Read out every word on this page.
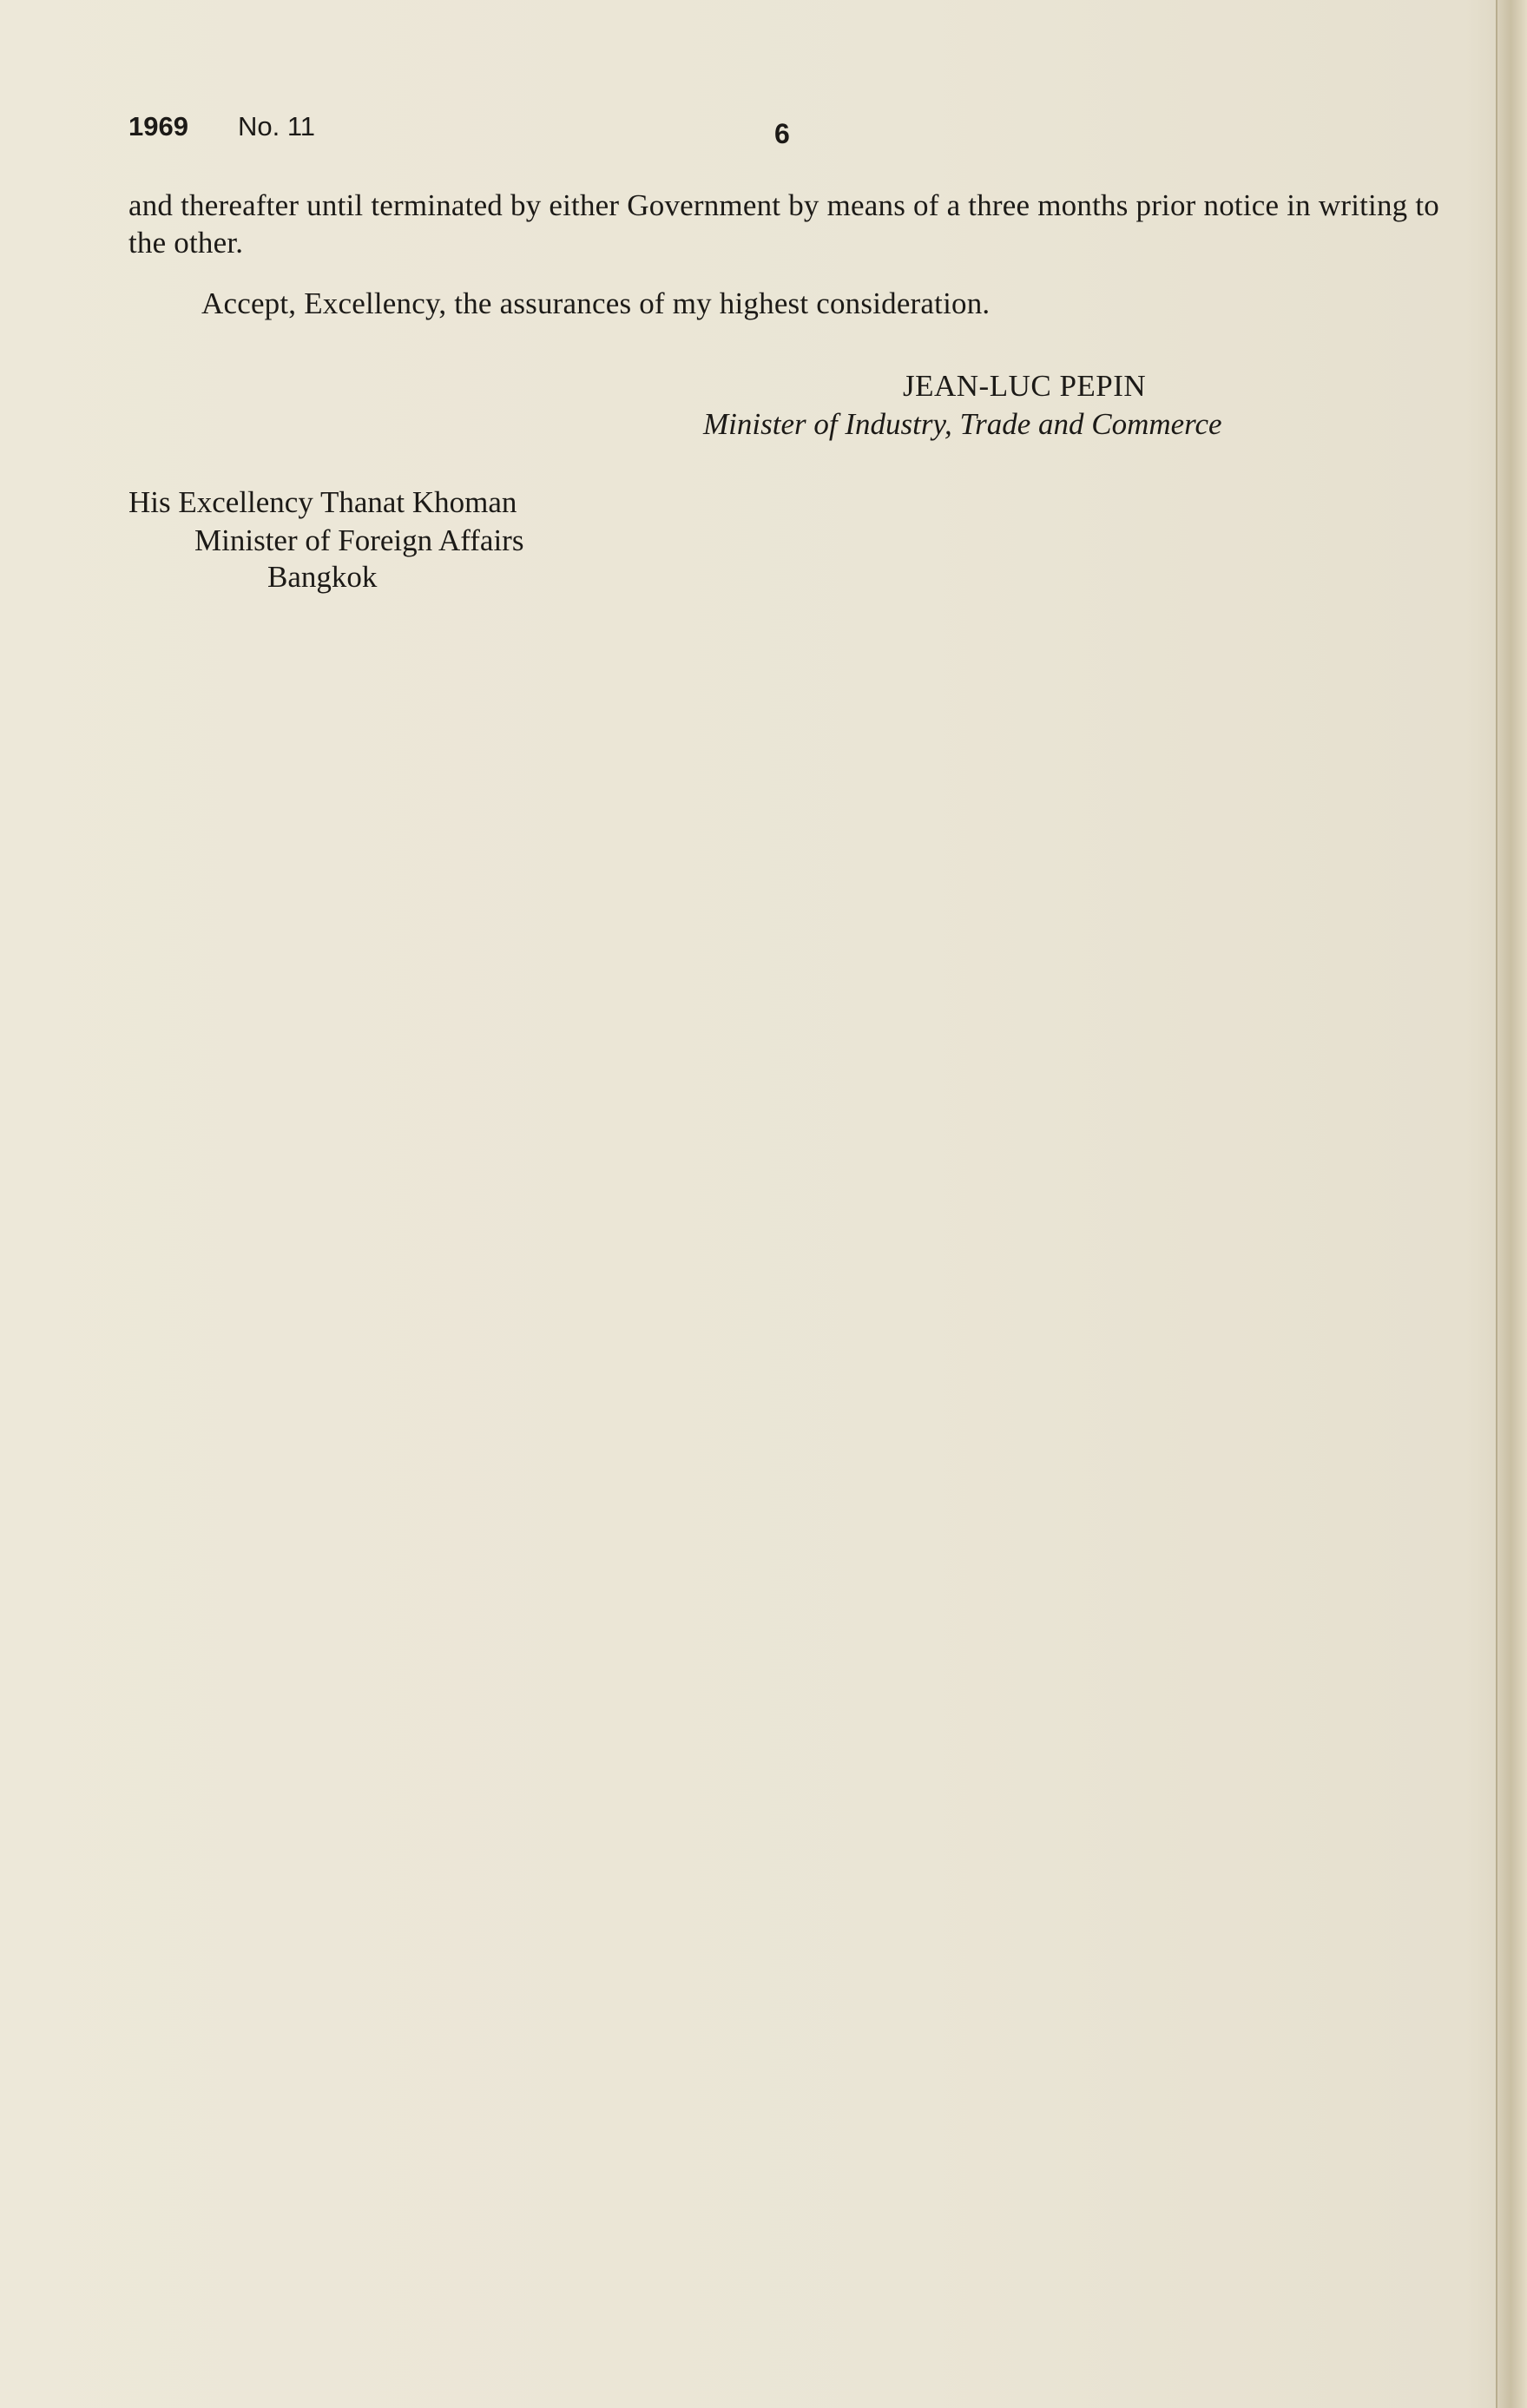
1969 No. 11	6
and thereafter until terminated by either Government by means of a three months prior notice in writing to the other.
Accept, Excellency, the assurances of my highest consideration.
JEAN-LUC PEPIN
Minister of Industry, Trade and Commerce
His Excellency Thanat Khoman
Minister of Foreign Affairs
Bangkok
